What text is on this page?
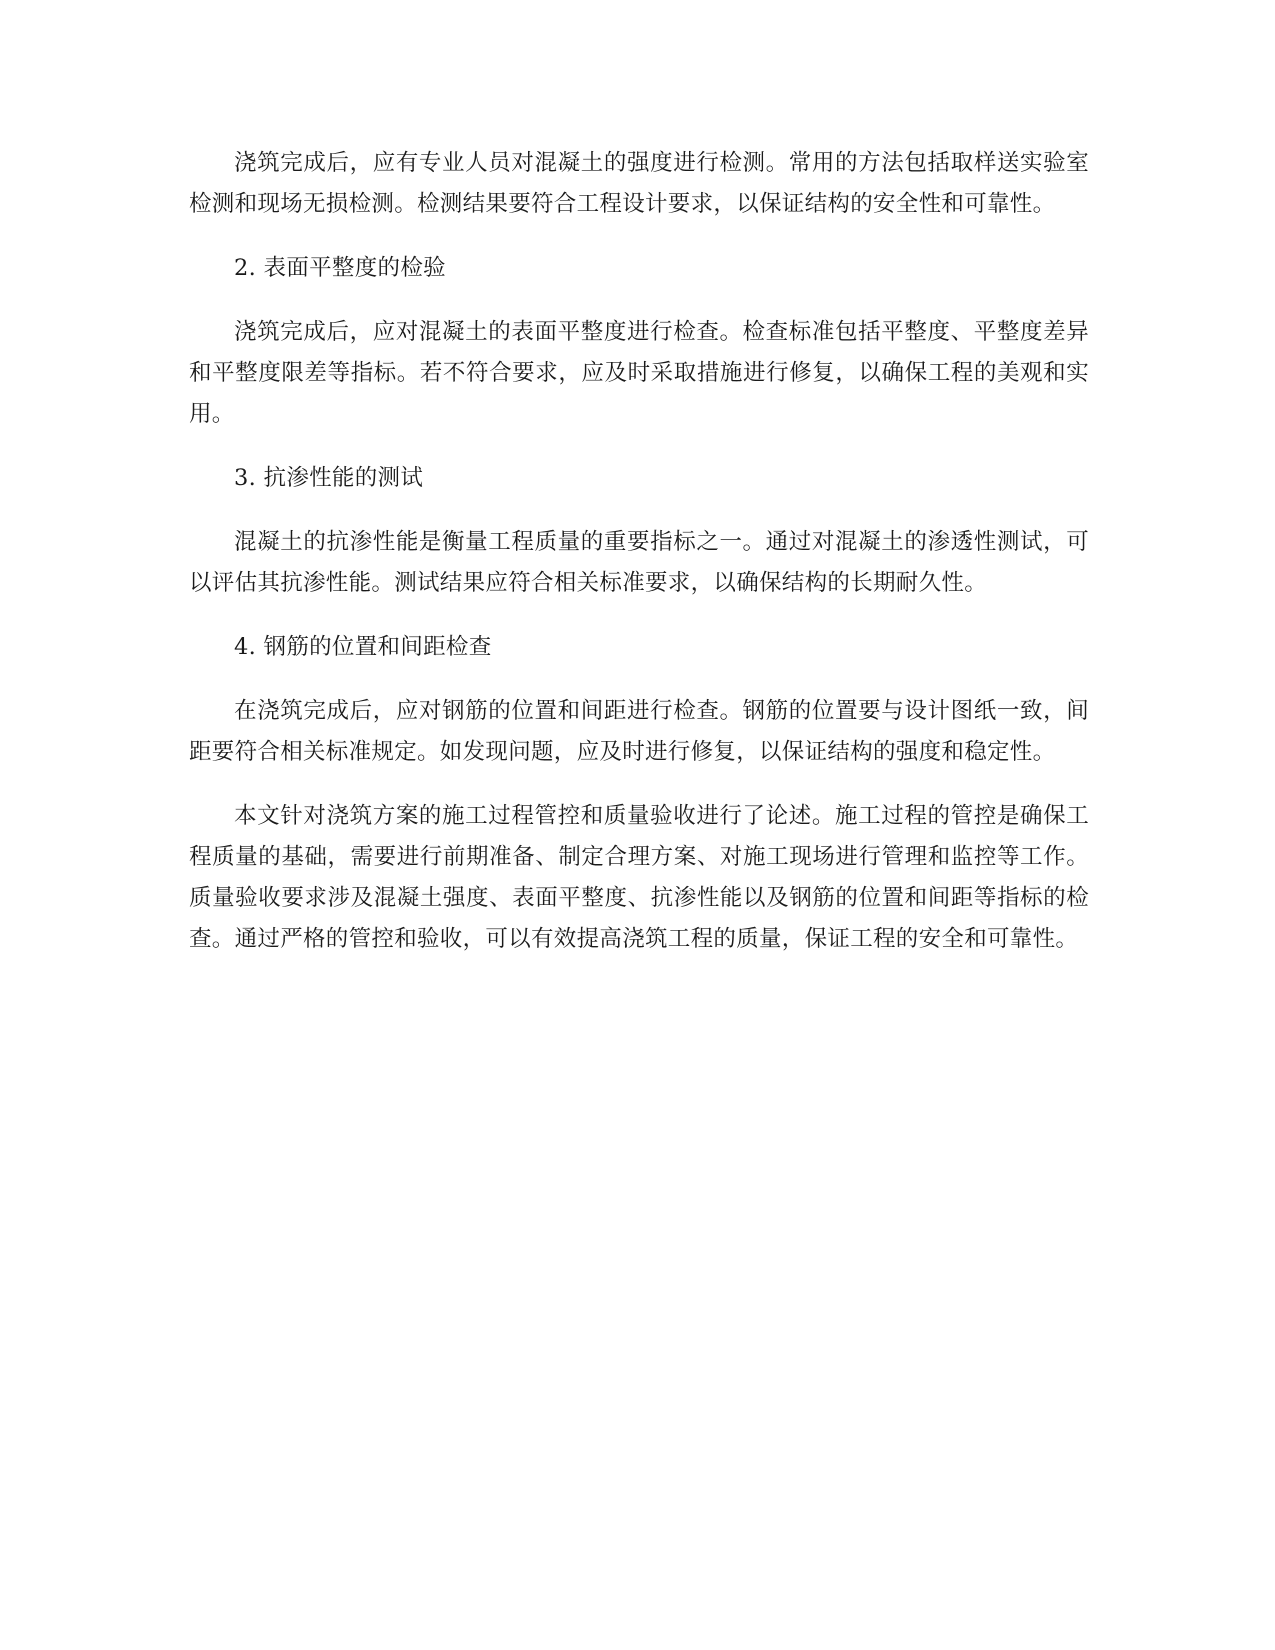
浇筑完成后，应有专业人员对混凝土的强度进行检测。常用的方法包括取样送实验室检测和现场无损检测。检测结果要符合工程设计要求，以保证结构的安全性和可靠性。

2. 表面平整度的检验

浇筑完成后，应对混凝土的表面平整度进行检查。检查标准包括平整度、平整度差异和平整度限差等指标。若不符合要求，应及时采取措施进行修复，以确保工程的美观和实用。

3. 抗渗性能的测试

混凝土的抗渗性能是衡量工程质量的重要指标之一。通过对混凝土的渗透性测试，可以评估其抗渗性能。测试结果应符合相关标准要求，以确保结构的长期耐久性。

4. 钢筋的位置和间距检查

在浇筑完成后，应对钢筋的位置和间距进行检查。钢筋的位置要与设计图纸一致，间距要符合相关标准规定。如发现问题，应及时进行修复，以保证结构的强度和稳定性。

本文针对浇筑方案的施工过程管控和质量验收进行了论述。施工过程的管控是确保工程质量的基础，需要进行前期准备、制定合理方案、对施工现场进行管理和监控等工作。质量验收要求涉及混凝土强度、表面平整度、抗渗性能以及钢筋的位置和间距等指标的检查。通过严格的管控和验收，可以有效提高浇筑工程的质量，保证工程的安全和可靠性。
